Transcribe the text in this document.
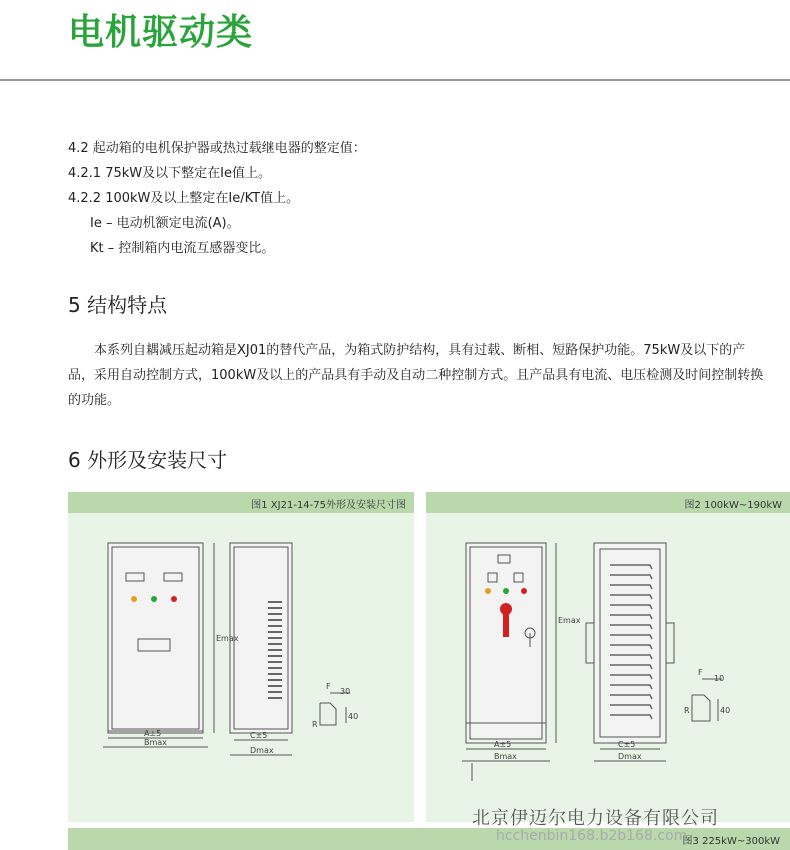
电机驱动类
4.2 起动箱的电机保护器或热过载继电器的整定值：
4.2.1 75kW及以下整定在Ie值上。
4.2.2 100kW及以上整定在Ie/KT值上。
Ie – 电动机额定电流(A)。
Kt – 控制箱内电流互感器变比。
5 结构特点
本系列自耦减压起动箱是XJ01的替代产品，为箱式防护结构，具有过载、断相、短路保护功能。75kW及以下的产品，采用自动控制方式，100kW及以上的产品具有手动及自动二种控制方式。且产品具有电流、电压检测及时间控制转换的功能。
6 外形及安装尺寸
图1 XJ21-14-75外形及安装尺寸图
A±5
Bmax
C±5
Dmax
Emax
F
30
40
R
图2 100kW~190kW
A±5
Bmax
C±5
Dmax
Emax
F
10
40
R
图3 225kW~300kW
北京伊迈尔电力设备有限公司
hcchenbin168.b2b168.com
